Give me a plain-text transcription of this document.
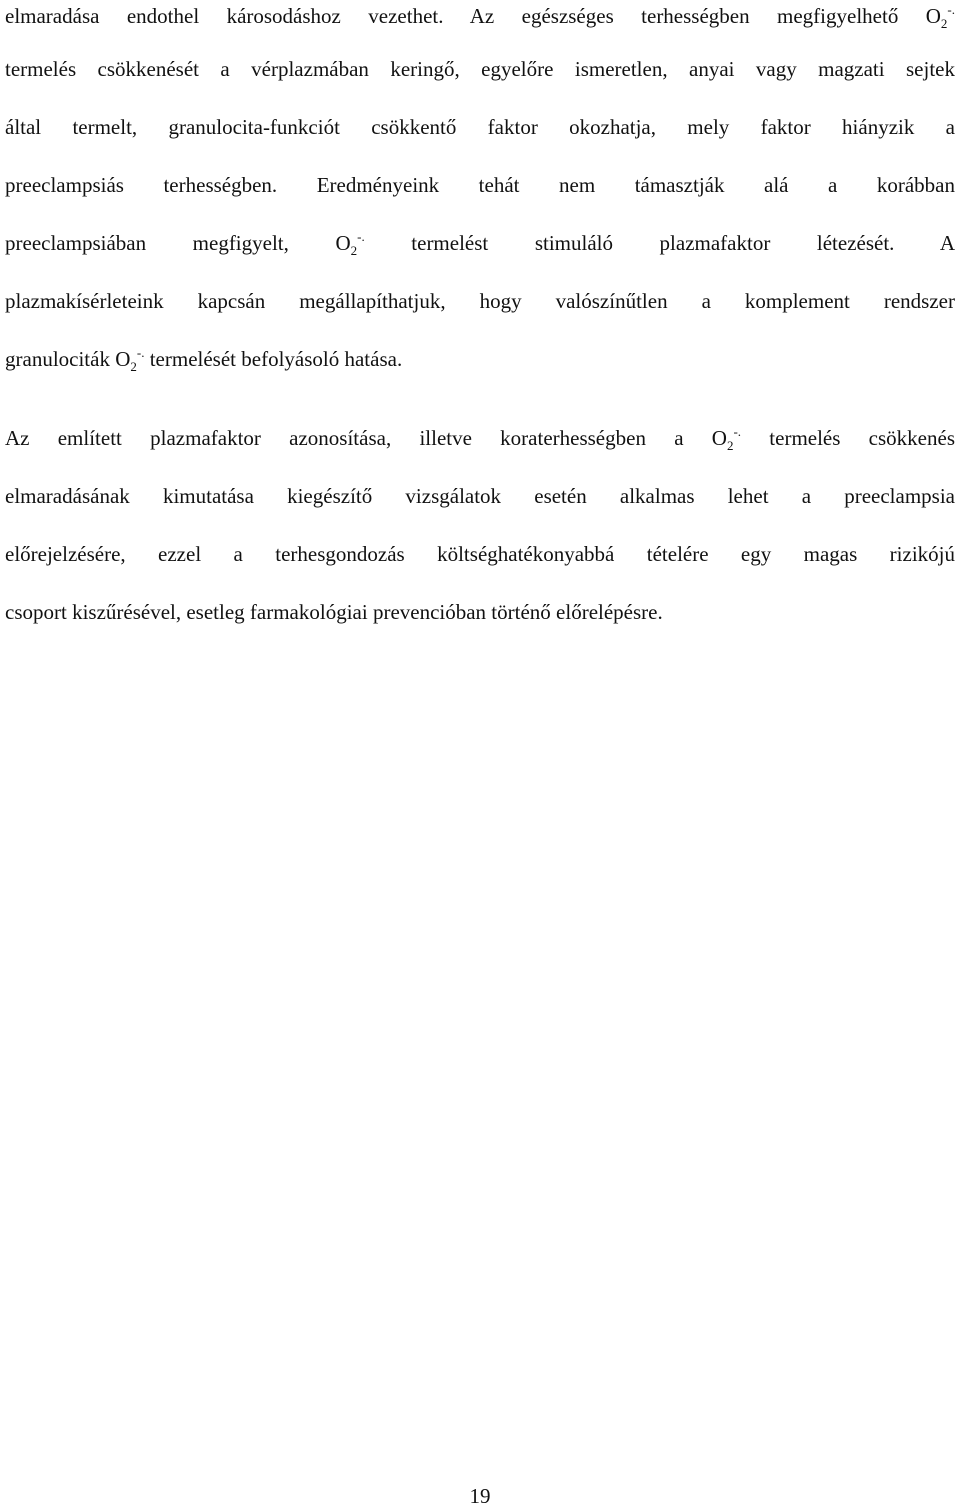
elmaradása endothel károsodáshoz vezethet. Az egészséges terhességben megfigyelhető $O_2^{-.}$
termelés csökkenését a vérplazmában keringő, egyelőre ismeretlen, anyai vagy magzati sejtek
által termelt, granulocita-funkciót csökkentő faktor okozhatja, mely faktor hiányzik a
preeclampsiás terhességben. Eredményeink tehát nem támasztják alá a korábban
preeclampsiában megfigyelt, $O_2^{-.}$ termelést stimuláló plazmafaktor létezését. A
plazmakísérleteink kapcsán megállapíthatjuk, hogy valószínűtlen a komplement rendszer
granulociták $O_2^{-.}$ termelését befolyásoló hatása.
Az említett plazmafaktor azonosítása, illetve koraterhességben a $O_2^{-.}$ termelés csökkenés
elmaradásának kimutatása kiegészítő vizsgálatok esetén alkalmas lehet a preeclampsia
előrejelzésére, ezzel a terhesgondozás költséghatékonyabbá tételére egy magas rizikójú
csoport kiszűrésével, esetleg farmakológiai prevencióban történő előrelépésre.
19
